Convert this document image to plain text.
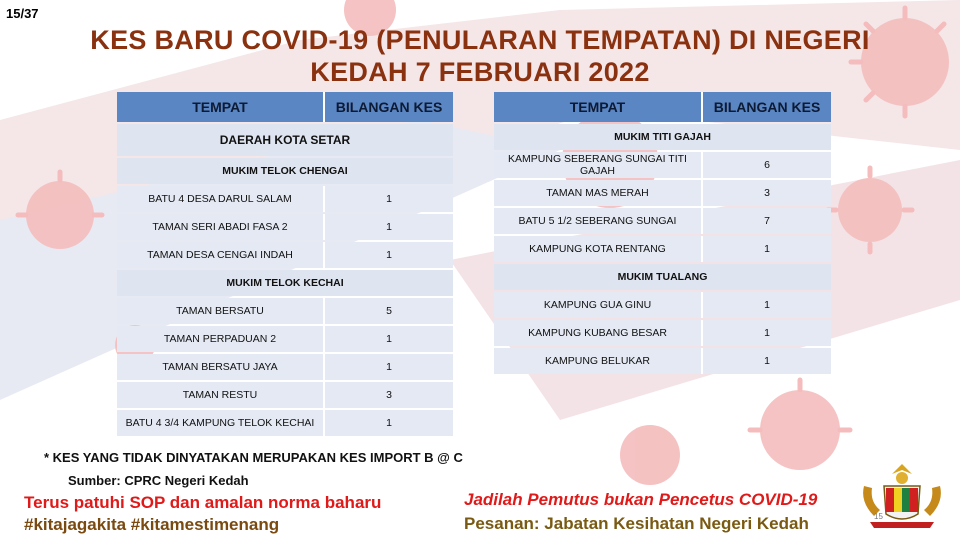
15/37
KES BARU COVID-19 (PENULARAN TEMPATAN) DI NEGERI
KEDAH 7 FEBRUARI 2022
TEMPAT	BILANGAN KES
DAERAH KOTA SETAR	
MUKIM TELOK CHENGAI	
BATU 4 DESA DARUL SALAM	1
TAMAN SERI ABADI FASA 2	1
TAMAN DESA CENGAI INDAH	1
MUKIM TELOK KECHAI	
TAMAN BERSATU	5
TAMAN PERPADUAN 2	1
TAMAN BERSATU JAYA	1
TAMAN RESTU	3
BATU 4 3/4 KAMPUNG TELOK KECHAI	1
TEMPAT	BILANGAN KES
MUKIM TITI GAJAH	
KAMPUNG SEBERANG SUNGAI TITI GAJAH	6
TAMAN MAS MERAH	3
BATU 5 1/2 SEBERANG SUNGAI	7
KAMPUNG KOTA RENTANG	1
MUKIM TUALANG	
KAMPUNG GUA GINU	1
KAMPUNG KUBANG BESAR	1
KAMPUNG BELUKAR	1
* KES YANG TIDAK DINYATAKAN MERUPAKAN KES IMPORT B @ C
Sumber: CPRC Negeri Kedah
Terus patuhi SOP dan amalan norma baharu
#kitajagakita #kitamestimenang
Jadilah Pemutus bukan Pencetus COVID-19
Pesanan: Jabatan Kesihatan Negeri Kedah	15
